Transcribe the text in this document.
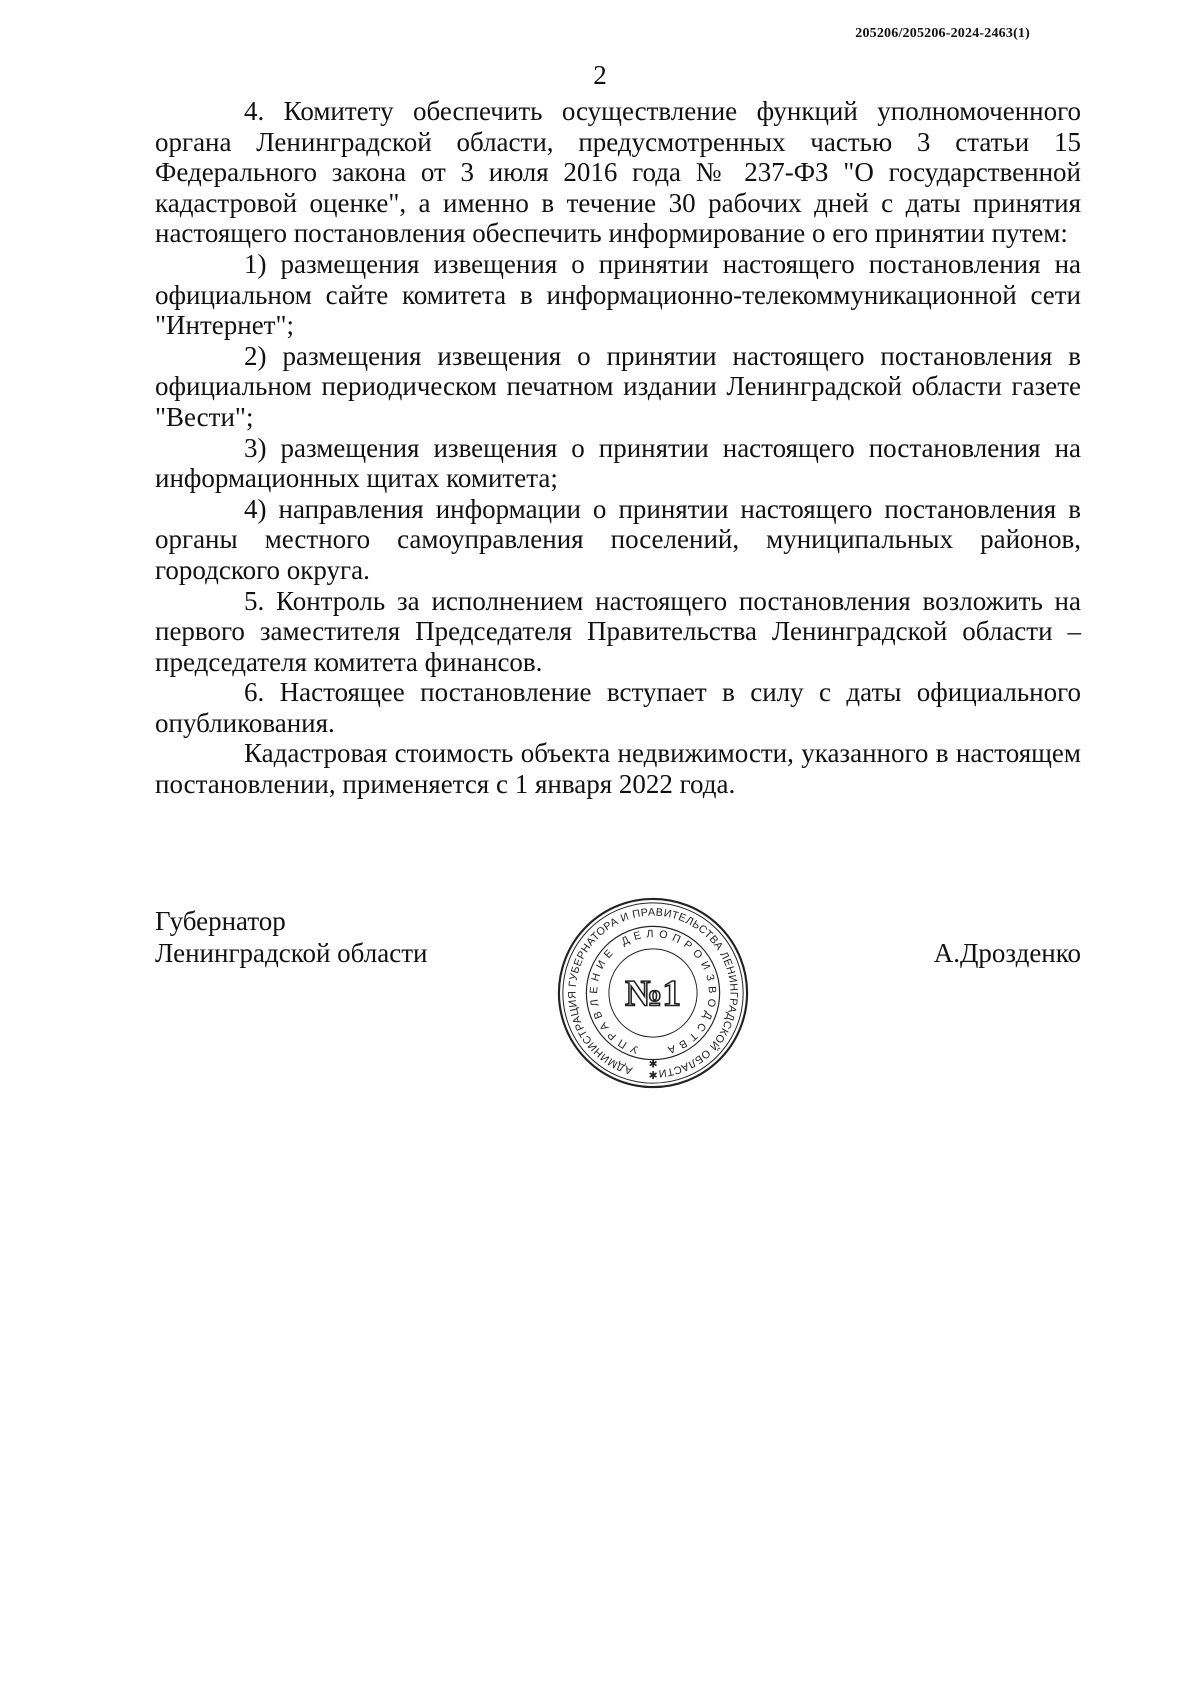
205206/205206-2024-2463(1)
2

4. Комитету обеспечить осуществление функций уполномоченного органа Ленинградской области, предусмотренных частью 3 статьи 15 Федерального закона от 3 июля 2016 года № 237-ФЗ "О государственной кадастровой оценке", а именно в течение 30 рабочих дней с даты принятия настоящего постановления обеспечить информирование о его принятии путем:

1) размещения извещения о принятии настоящего постановления на официальном сайте комитета в информационно-телекоммуникационной сети "Интернет";

2) размещения извещения о принятии настоящего постановления в официальном периодическом печатном издании Ленинградской области газете "Вести";

3) размещения извещения о принятии настоящего постановления на информационных щитах комитета;

4) направления информации о принятии настоящего постановления в органы местного самоуправления поселений, муниципальных районов, городского округа.

5. Контроль за исполнением настоящего постановления возложить на первого заместителя Председателя Правительства Ленинградской области – председателя комитета финансов.

6. Настоящее постановление вступает в силу с даты официального опубликования.

Кадастровая стоимость объекта недвижимости, указанного в настоящем постановлении, применяется с 1 января 2022 года.

Губернатор
Ленинградской области	А.Дрозденко
АДМИНИСТРАЦИЯ ГУБЕРНАТОРА И ПРАВИТЕЛЬСТВА ЛЕНИНГРАДСКОЙ ОБЛАСТИ
УПРАВЛЕНИЕ ДЕЛОПРОИЗВОДСТВА
№1
✱
✱
